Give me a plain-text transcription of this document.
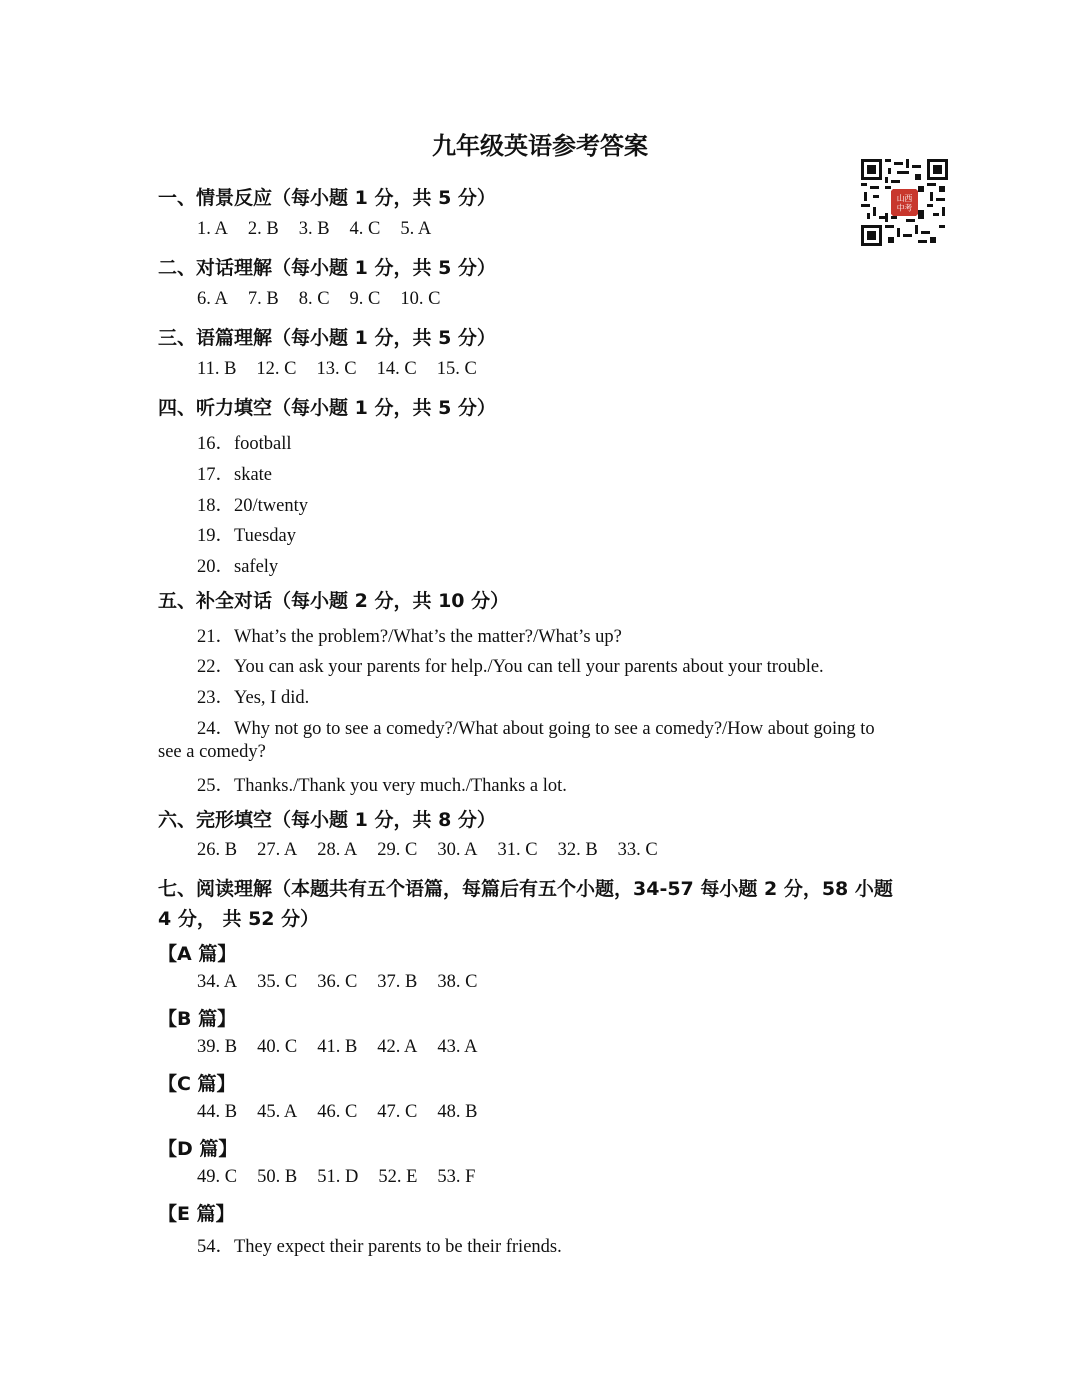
九年级英语参考答案
山西
中考
一、情景反应（每小题 1 分，共 5 分）
1. A 2. B 3. B 4. C 5. A
二、对话理解（每小题 1 分，共 5 分）
6. A 7. B 8. C 9. C 10. C
三、语篇理解（每小题 1 分，共 5 分）
11. B 12. C 13. C 14. C 15. C
四、听力填空（每小题 1 分，共 5 分）
16．football
17．skate
18．20/twenty
19．Tuesday
20．safely
五、补全对话（每小题 2 分，共 10 分）
21．What’s the problem?/What’s the matter?/What’s up?
22．You can ask your parents for help./You can tell your parents about your trouble.
23．Yes, I did.
24．Why not go to see a comedy?/What about going to see a comedy?/How about going to
see a comedy?
25．Thanks./Thank you very much./Thanks a lot.
六、完形填空（每小题 1 分，共 8 分）
26. B 27. A 28. A 29. C 30. A 31. C 32. B 33. C
七、阅读理解（本题共有五个语篇，每篇后有五个小题，34-57 每小题 2 分，58 小题
4 分， 共 52 分）
【A 篇】
34. A 35. C 36. C 37. B 38. C
【B 篇】
39. B 40. C 41. B 42. A 43. A
【C 篇】
44. B 45. A 46. C 47. C 48. B
【D 篇】
49. C 50. B 51. D 52. E 53. F
【E 篇】
54．They expect their parents to be their friends.
